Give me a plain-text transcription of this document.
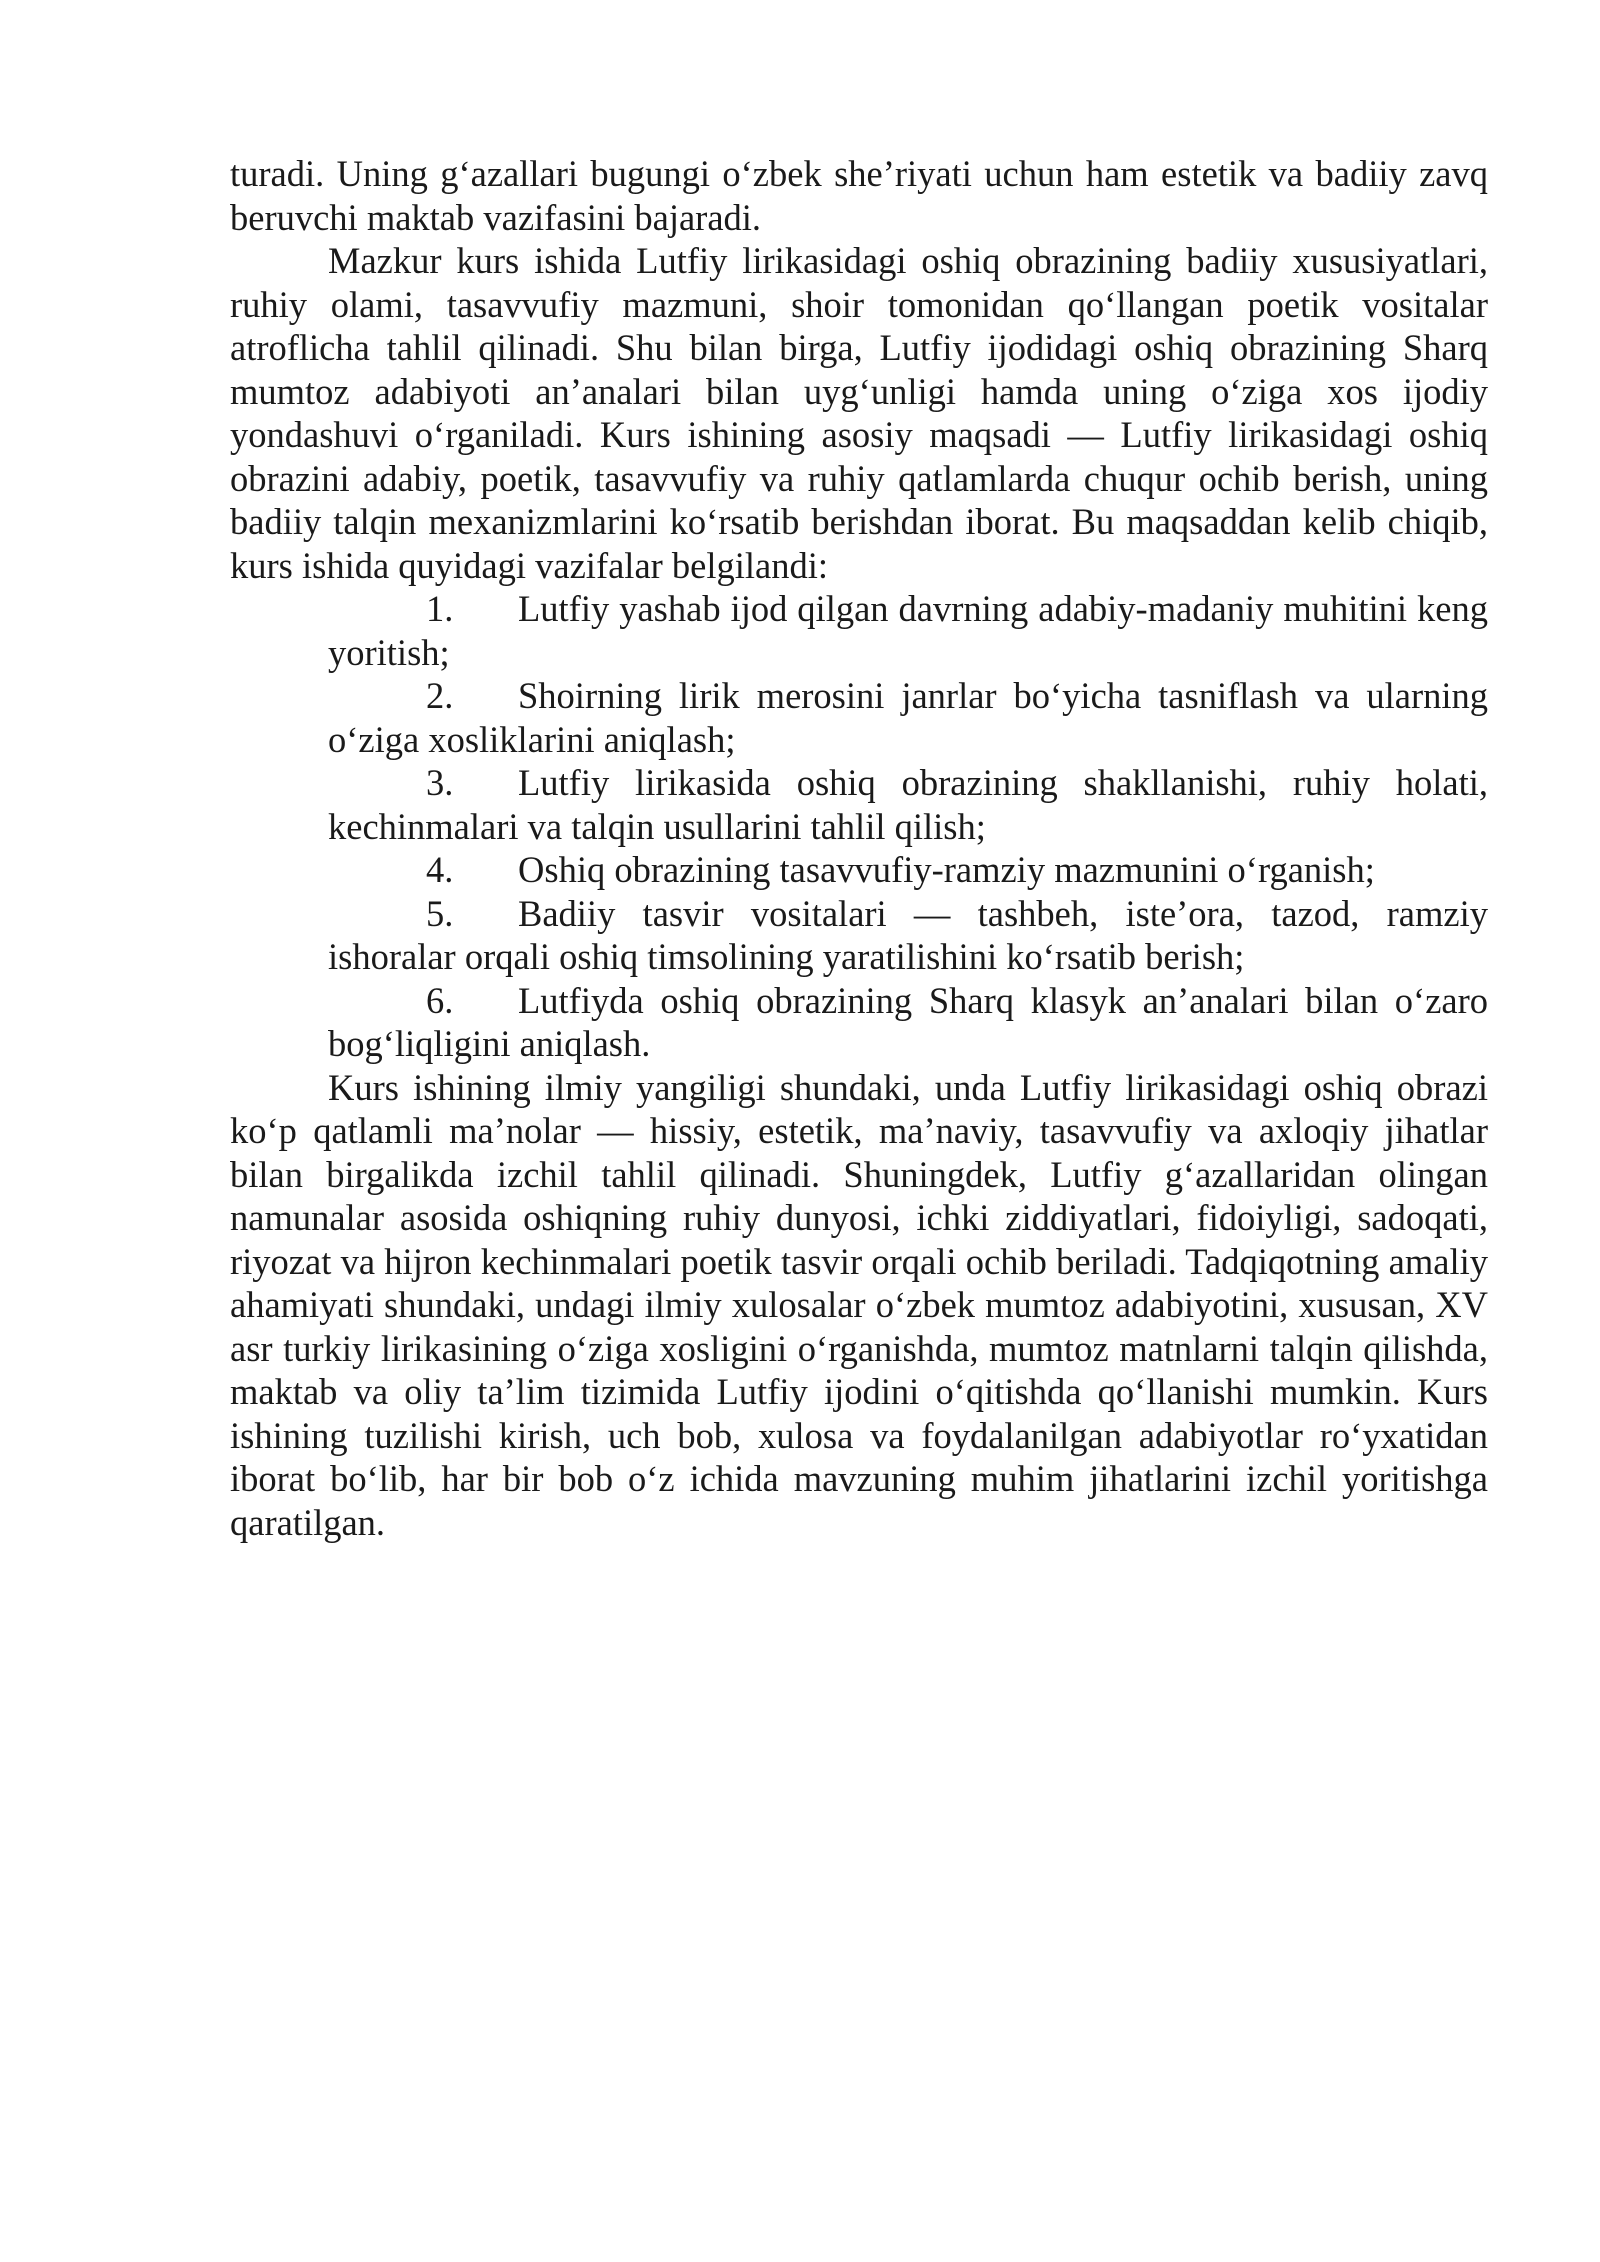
turadi. Uning g‘azallari bugungi o‘zbek she’riyati uchun ham estetik va badiiy zavq beruvchi maktab vazifasini bajaradi.

Mazkur kurs ishida Lutfiy lirikasidagi oshiq obrazining badiiy xususiyatlari, ruhiy olami, tasavvufiy mazmuni, shoir tomonidan qo‘llangan poetik vositalar atroflicha tahlil qilinadi. Shu bilan birga, Lutfiy ijodidagi oshiq obrazining Sharq mumtoz adabiyoti an’analari bilan uyg‘unligi hamda uning o‘ziga xos ijodiy yondashuvi o‘rganiladi. Kurs ishining asosiy maqsadi — Lutfiy lirikasidagi oshiq obrazini adabiy, poetik, tasavvufiy va ruhiy qatlamlarda chuqur ochib berish, uning badiiy talqin mexanizmlarini ko‘rsatib berishdan iborat. Bu maqsaddan kelib chiqib, kurs ishida quyidagi vazifalar belgilandi:

1. Lutfiy yashab ijod qilgan davrning adabiy-madaniy muhitini keng yoritish;
2. Shoirning lirik merosini janrlar bo‘yicha tasniflash va ularning o‘ziga xosliklarini aniqlash;
3. Lutfiy lirikasida oshiq obrazining shakllanishi, ruhiy holati, kechinmalari va talqin usullarini tahlil qilish;
4. Oshiq obrazining tasavvufiy-ramziy mazmunini o‘rganish;
5. Badiiy tasvir vositalari — tashbeh, iste’ora, tazod, ramziy ishoralar orqali oshiq timsolining yaratilishini ko‘rsatib berish;
6. Lutfiyda oshiq obrazining Sharq klasyk an’analari bilan o‘zaro bog‘liqligini aniqlash.

Kurs ishining ilmiy yangiligi shundaki, unda Lutfiy lirikasidagi oshiq obrazi ko‘p qatlamli ma’nolar — hissiy, estetik, ma’naviy, tasavvufiy va axloqiy jihatlar bilan birgalikda izchil tahlil qilinadi. Shuningdek, Lutfiy g‘azallaridan olingan namunalar asosida oshiqning ruhiy dunyosi, ichki ziddiyatlari, fidoiyligi, sadoqati, riyozat va hijron kechinmalari poetik tasvir orqali ochib beriladi. Tadqiqotning amaliy ahamiyati shundaki, undagi ilmiy xulosalar o‘zbek mumtoz adabiyotini, xususan, XV asr turkiy lirikasining o‘ziga xosligini o‘rganishda, mumtoz matnlarni talqin qilishda, maktab va oliy ta’lim tizimida Lutfiy ijodini o‘qitishda qo‘llanishi mumkin. Kurs ishining tuzilishi kirish, uch bob, xulosa va foydalanilgan adabiyotlar ro‘yxatidan iborat bo‘lib, har bir bob o‘z ichida mavzuning muhim jihatlarini izchil yoritishga qaratilgan.
